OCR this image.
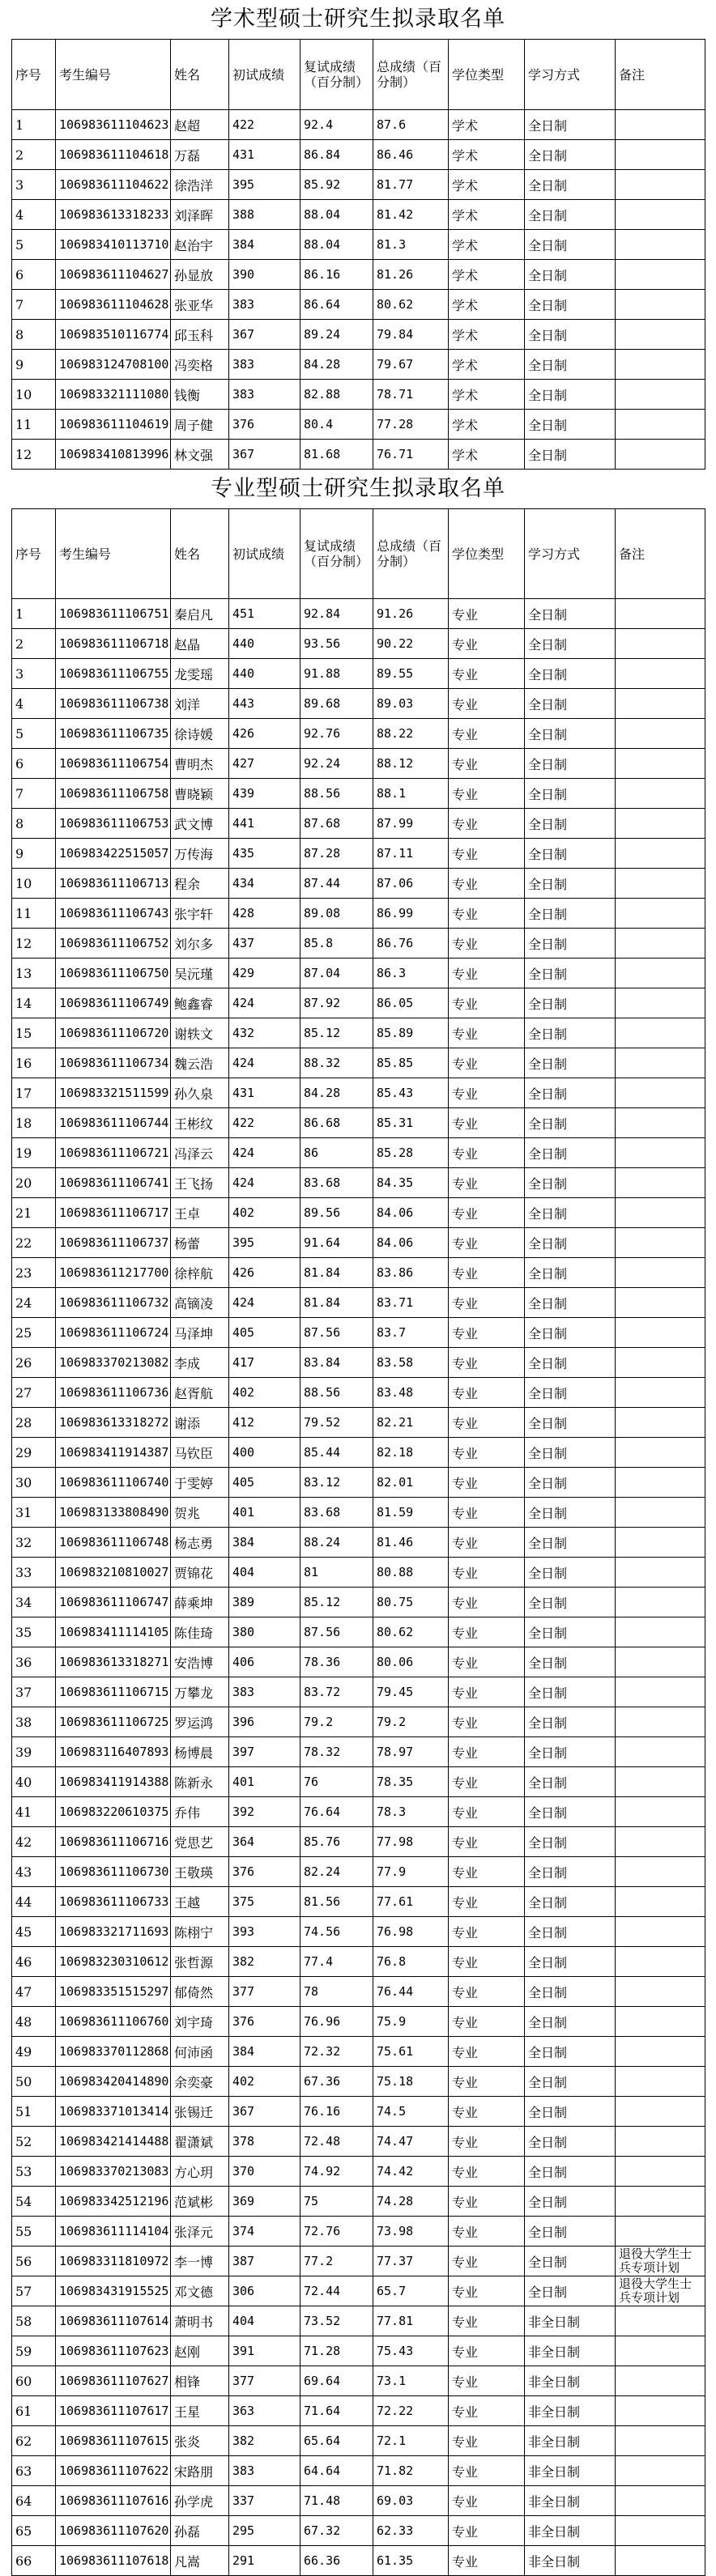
学术型硕士研究生拟录取名单
序号	考生编号	姓名	初试成绩	复试成绩（百分制）	总成绩（百分制）	学位类型	学习方式	备注
1	106983611104623	赵超	422	92.4	87.6	学术	全日制	
2	106983611104618	万磊	431	86.84	86.46	学术	全日制	
3	106983611104622	徐浩洋	395	85.92	81.77	学术	全日制	
4	106983613318233	刘泽晖	388	88.04	81.42	学术	全日制	
5	106983410113710	赵治宇	384	88.04	81.3	学术	全日制	
6	106983611104627	孙显放	390	86.16	81.26	学术	全日制	
7	106983611104628	张亚华	383	86.64	80.62	学术	全日制	
8	106983510116774	邱玉科	367	89.24	79.84	学术	全日制	
9	106983124708100	冯奕格	383	84.28	79.67	学术	全日制	
10	106983321111080	钱衡	383	82.88	78.71	学术	全日制	
11	106983611104619	周子健	376	80.4	77.28	学术	全日制	
12	106983410813996	林文强	367	81.68	76.71	学术	全日制	
专业型硕士研究生拟录取名单
序号	考生编号	姓名	初试成绩	复试成绩（百分制）	总成绩（百分制）	学位类型	学习方式	备注
1	106983611106751	秦启凡	451	92.84	91.26	专业	全日制	
2	106983611106718	赵晶	440	93.56	90.22	专业	全日制	
3	106983611106755	龙雯瑶	440	91.88	89.55	专业	全日制	
4	106983611106738	刘洋	443	89.68	89.03	专业	全日制	
5	106983611106735	徐诗媛	426	92.76	88.22	专业	全日制	
6	106983611106754	曹明杰	427	92.24	88.12	专业	全日制	
7	106983611106758	曹晓颖	439	88.56	88.1	专业	全日制	
8	106983611106753	武文博	441	87.68	87.99	专业	全日制	
9	106983422515057	万传海	435	87.28	87.11	专业	全日制	
10	106983611106713	程余	434	87.44	87.06	专业	全日制	
11	106983611106743	张宇轩	428	89.08	86.99	专业	全日制	
12	106983611106752	刘尔多	437	85.8	86.76	专业	全日制	
13	106983611106750	吴沅瑾	429	87.04	86.3	专业	全日制	
14	106983611106749	鲍鑫睿	424	87.92	86.05	专业	全日制	
15	106983611106720	谢轶文	432	85.12	85.89	专业	全日制	
16	106983611106734	魏云浩	424	88.32	85.85	专业	全日制	
17	106983321511599	孙久泉	431	84.28	85.43	专业	全日制	
18	106983611106744	王彬纹	422	86.68	85.31	专业	全日制	
19	106983611106721	冯泽云	424	86	85.28	专业	全日制	
20	106983611106741	王飞扬	424	83.68	84.35	专业	全日制	
21	106983611106717	王卓	402	89.56	84.06	专业	全日制	
22	106983611106737	杨蕾	395	91.64	84.06	专业	全日制	
23	106983611217700	徐梓航	426	81.84	83.86	专业	全日制	
24	106983611106732	高镝凌	424	81.84	83.71	专业	全日制	
25	106983611106724	马泽坤	405	87.56	83.7	专业	全日制	
26	106983370213082	李成	417	83.84	83.58	专业	全日制	
27	106983611106736	赵胥航	402	88.56	83.48	专业	全日制	
28	106983613318272	谢添	412	79.52	82.21	专业	全日制	
29	106983411914387	马钦臣	400	85.44	82.18	专业	全日制	
30	106983611106740	于雯婷	405	83.12	82.01	专业	全日制	
31	106983133808490	贺兆	401	83.68	81.59	专业	全日制	
32	106983611106748	杨志勇	384	88.24	81.46	专业	全日制	
33	106983210810027	贾锦花	404	81	80.88	专业	全日制	
34	106983611106747	薛乘坤	389	85.12	80.75	专业	全日制	
35	106983411114105	陈佳琦	380	87.56	80.62	专业	全日制	
36	106983613318271	安浩博	406	78.36	80.06	专业	全日制	
37	106983611106715	万攀龙	383	83.72	79.45	专业	全日制	
38	106983611106725	罗运鸿	396	79.2	79.2	专业	全日制	
39	106983116407893	杨博晨	397	78.32	78.97	专业	全日制	
40	106983411914388	陈新永	401	76	78.35	专业	全日制	
41	106983220610375	乔伟	392	76.64	78.3	专业	全日制	
42	106983611106716	党思艺	364	85.76	77.98	专业	全日制	
43	106983611106730	王敬瑛	376	82.24	77.9	专业	全日制	
44	106983611106733	王越	375	81.56	77.61	专业	全日制	
45	106983321711693	陈栩宁	393	74.56	76.98	专业	全日制	
46	106983230310612	张哲源	382	77.4	76.8	专业	全日制	
47	106983351515297	郁倚然	377	78	76.44	专业	全日制	
48	106983611106760	刘宇琦	376	76.96	75.9	专业	全日制	
49	106983370112868	何沛函	384	72.32	75.61	专业	全日制	
50	106983420414890	余奕豪	402	67.36	75.18	专业	全日制	
51	106983371013414	张锡迁	367	76.16	74.5	专业	全日制	
52	106983421414488	翟潇斌	378	72.48	74.47	专业	全日制	
53	106983370213083	方心玥	370	74.92	74.42	专业	全日制	
54	106983342512196	范斌彬	369	75	74.28	专业	全日制	
55	106983611114104	张泽元	374	72.76	73.98	专业	全日制	
56	106983311810972	李一博	387	77.2	77.37	专业	全日制	退役大学生士兵专项计划
57	106983431915525	邓文德	306	72.44	65.7	专业	全日制	退役大学生士兵专项计划
58	106983611107614	萧明书	404	73.52	77.81	专业	非全日制	
59	106983611107623	赵刚	391	71.28	75.43	专业	非全日制	
60	106983611107627	相锋	377	69.64	73.1	专业	非全日制	
61	106983611107617	王星	363	71.64	72.22	专业	非全日制	
62	106983611107615	张炎	382	65.64	72.1	专业	非全日制	
63	106983611107622	宋路朋	383	64.64	71.82	专业	非全日制	
64	106983611107616	孙学虎	337	71.48	69.03	专业	非全日制	
65	106983611107620	孙磊	295	67.32	62.33	专业	非全日制	
66	106983611107618	凡嵩	291	66.36	61.35	专业	非全日制	
